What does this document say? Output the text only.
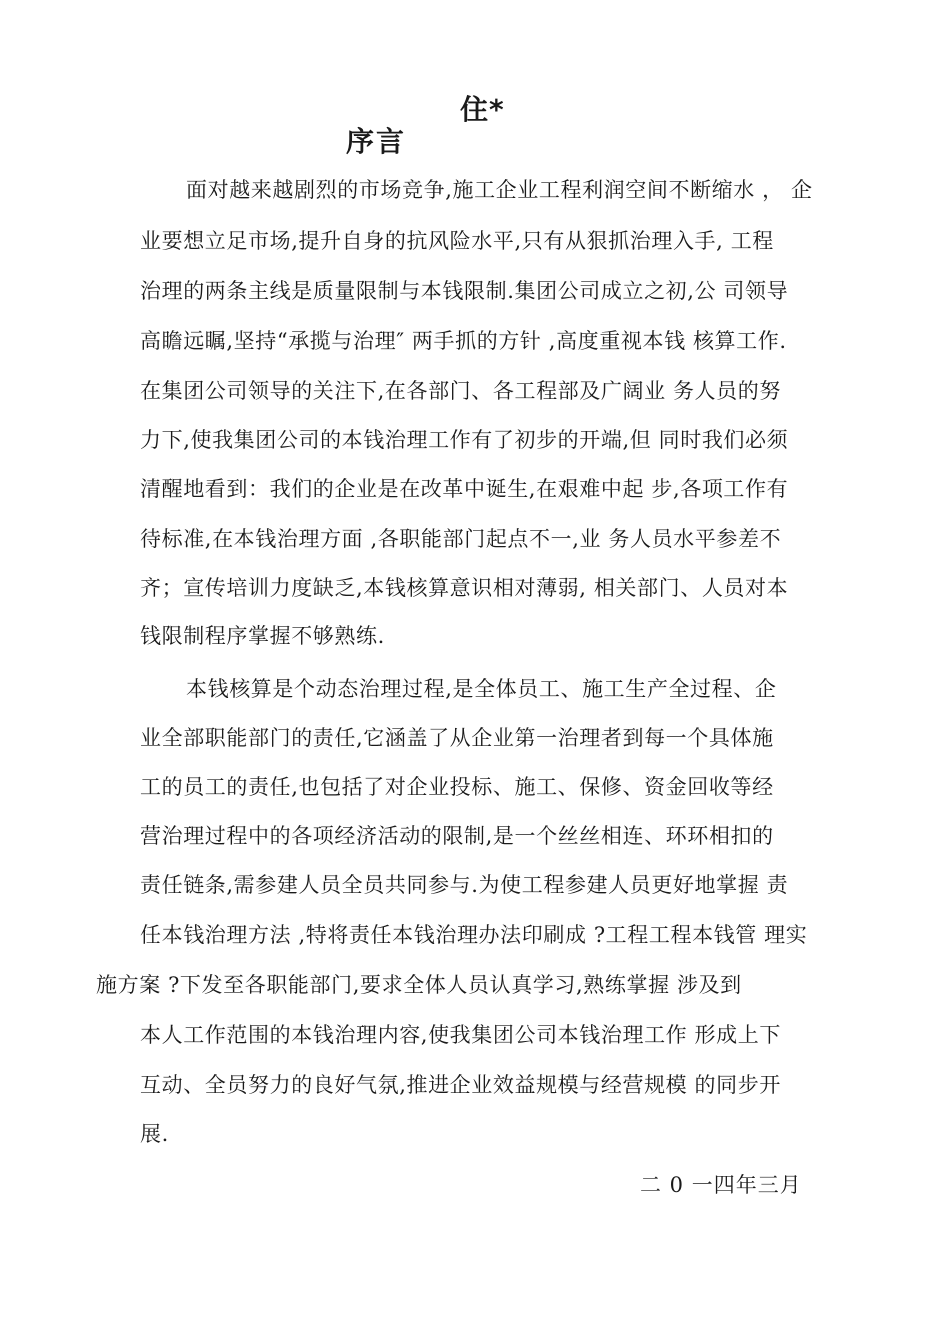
住*
序言
面对越来越剧烈的市场竞争,施工企业工程利润空间不断缩水 ， 企
业要想立足市场,提升自身的抗风险水平,只有从狠抓治理入手, 工程
治理的两条主线是质量限制与本钱限制.集团公司成立之初,公 司领导
高瞻远瞩,坚持“承揽与治理″ 两手抓的方针 ,高度重视本钱 核算工作.
在集团公司领导的关注下,在各部门、各工程部及广阔业 务人员的努
力下,使我集团公司的本钱治理工作有了初步的开端,但 同时我们必须
清醒地看到：我们的企业是在改革中诞生,在艰难中起 步,各项工作有
待标准,在本钱治理方面 ,各职能部门起点不一,业 务人员水平参差不
齐；宣传培训力度缺乏,本钱核算意识相对薄弱, 相关部门、人员对本
钱限制程序掌握不够熟练.
本钱核算是个动态治理过程,是全体员工、施工生产全过程、企
业全部职能部门的责任,它涵盖了从企业第一治理者到每一个具体施
工的员工的责任,也包括了对企业投标、施工、保修、资金回收等经
营治理过程中的各项经济活动的限制,是一个丝丝相连、环环相扣的
责任链条,需参建人员全员共同参与.为使工程参建人员更好地掌握 责
任本钱治理方法 ,特将责任本钱治理办法印刷成 ?工程工程本钱管 理实
施方案 ?下发至各职能部门,要求全体人员认真学习,熟练掌握 涉及到
本人工作范围的本钱治理内容,使我集团公司本钱治理工作 形成上下
互动、全员努力的良好气氛,推进企业效益规模与经营规模 的同步开
展.
二 0 一四年三月
